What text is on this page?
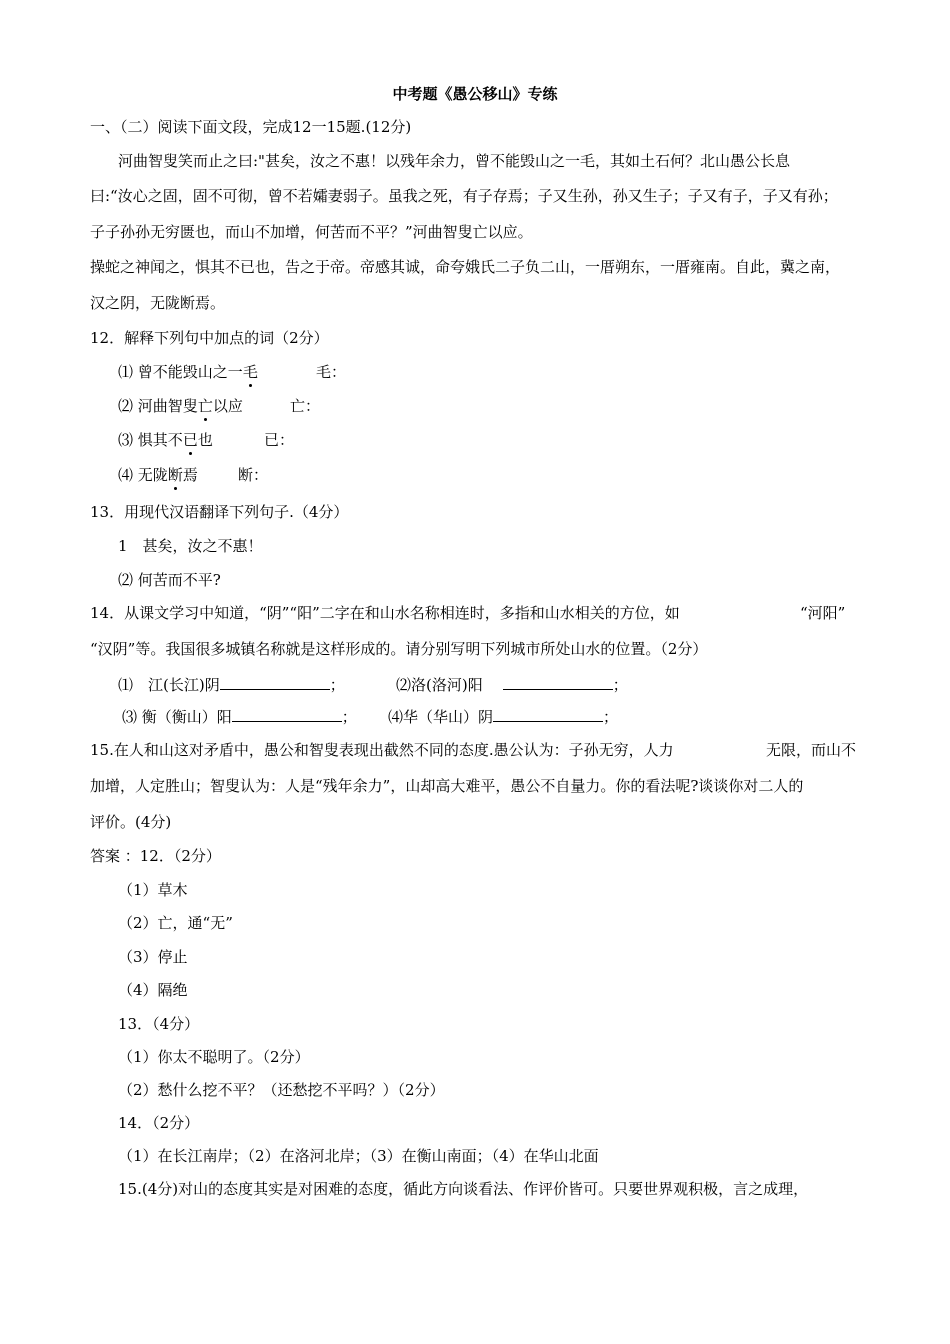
中考题《愚公移山》专练
一、（二）阅读下面文段，完成12一15题.(12分)
河曲智叟笑而止之曰:"甚矣，汝之不惠！以残年余力，曾不能毁山之一毛，其如土石何？北山愚公长息
曰:“汝心之固，固不可彻，曾不若孀妻弱子。虽我之死，有子存焉；子又生孙，孙又生子；子又有子，子又有孙；
子子孙孙无穷匮也，而山不加增，何苦而不平？”河曲智叟亡以应。
操蛇之神闻之，惧其不已也，告之于帝。帝感其诚，命夸娥氏二子负二山，一厝朔东，一厝雍南。自此，冀之南，
汉之阴，无陇断焉。
12．解释下列句中加点的词（2分）
⑴ 曾不能毁山之一毛	毛：
⑵ 河曲智叟亡以应	亡：
⑶ 惧其不已也	已：
⑷ 无陇断焉	断：
13．用现代汉语翻译下列句子.（4分）
1　甚矣，汝之不惠！
⑵ 何苦而不平?
14．从课文学习中知道，“阴”“阳”二字在和山水名称相连时，多指和山水相关的方位，如	“河阳”
“汉阴”等。我国很多城镇名称就是这样形成的。请分别写明下列城市所处山水的位置。（2分）
⑴　江(长江)阴	；	⑵洛(洛河)阳	；
⑶ 衡（衡山）阳	； ⑷华（华山）阴	；
15.在人和山这对矛盾中，愚公和智叟表现出截然不同的态度.愚公认为：子孙无穷，人力	无限，而山不
加增，人定胜山；智叟认为：人是“残年余力”，山却高大难平，愚公不自量力。你的看法呢?谈谈你对二人的
评价。(4分)
答案 ：12．（2分）
（1）草木
（2）亡，通“无”
（3）停止
（4）隔绝
13．（4分）
（1）你太不聪明了。（2分）
（2）愁什么挖不平？（还愁挖不平吗？）（2分）
14．（2分）
（1）在长江南岸；（2）在洛河北岸；（3）在衡山南面；（4）在华山北面
15.(4分)对山的态度其实是对困难的态度，循此方向谈看法、作评价皆可。只要世界观积极，言之成理，
